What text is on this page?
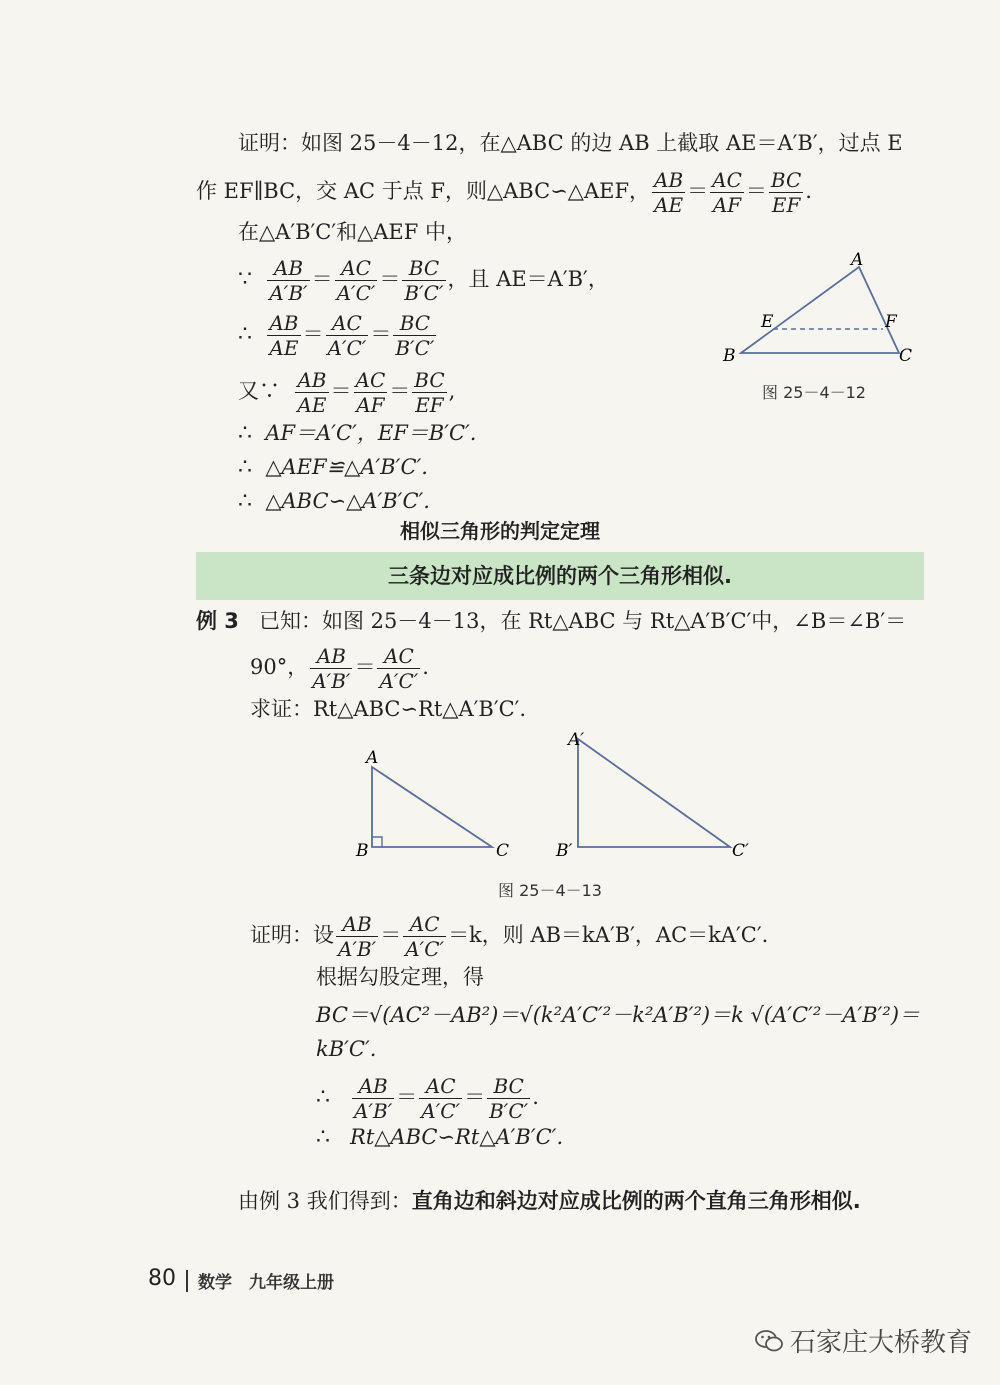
证明：如图 25－4－12，在△ABC 的边 AB 上截取 AE＝A′B′，过点 E
作 EF∥BC，交 AC 于点 F，则△ABC∽△AEF， $\frac{AB}{AE} = \frac{AC}{AF} = \frac{BC}{EF}$ .
在△A′B′C′和△AEF 中，
∵ $\frac{AB}{A'B'} = \frac{AC}{A'C'} = \frac{BC}{B'C'}$ ，且 AE＝A′B′，
∴ $\frac{AB}{AE} = \frac{AC}{A'C'} = \frac{BC}{B'C'}$
又∵ $\frac{AB}{AE} = \frac{AC}{AF} = \frac{BC}{EF}$ ,
∴ AF＝A′C′，EF＝B′C′.
∴ △AEF≌△A′B′C′.
∴ △ABC∽△A′B′C′.
A
B	C
E	F
图 25－4－12
相似三角形的判定定理
三条边对应成比例的两个三角形相似.
例 3 已知：如图 25－4－13，在 Rt△ABC 与 Rt△A′B′C′中，∠B＝∠B′＝
90°， $\frac{AB}{A'B'} = \frac{AC}{A'C'}$ .
求证：Rt△ABC∽Rt△A′B′C′.
A
B	C
A′
B′	C′
图 25－4－13
证明：设 $\frac{AB}{A'B'} = \frac{AC}{A'C'} =k$，则 AB＝kA′B′，AC＝kA′C′.
根据勾股定理，得
BC＝√(AC²－AB²)＝√(k²A′C′²－k²A′B′²)＝k √(A′C′²－A′B′²)＝
kB′C′.
∴ $\frac{AB}{A'B'} = \frac{AC}{A'C'} = \frac{BC}{B'C'}$ .
∴ Rt△ABC∽Rt△A′B′C′.
由例 3 我们得到：直角边和斜边对应成比例的两个直角三角形相似.
80 数学　九年级上册
石家庄大桥教育
